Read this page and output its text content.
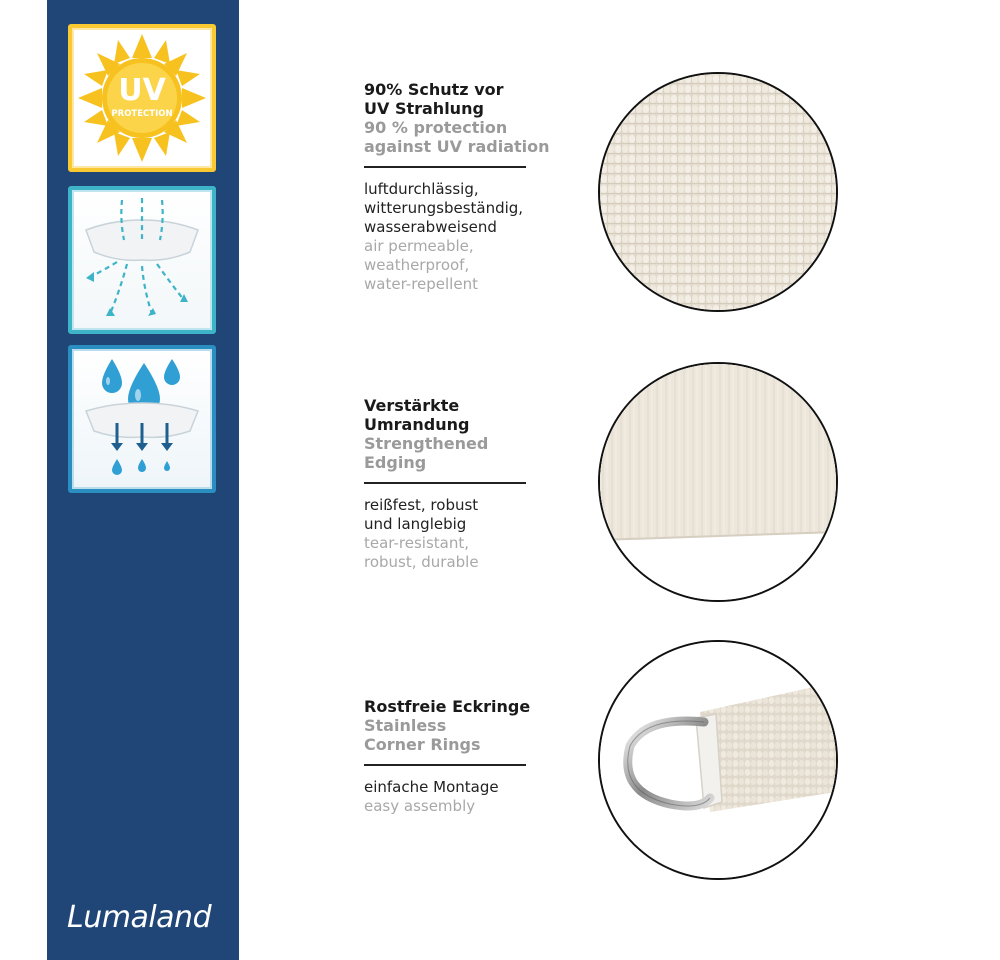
UV
PROTECTION
Lumaland
90% Schutz vor
UV Strahlung
90 % protection
against UV radiation
luftdurchlässig,
witterungsbeständig,
wasserabweisend
air permeable,
weatherproof,
water-repellent
Verstärkte
Umrandung
Strengthened
Edging
reißfest, robust
und langlebig
tear-resistant,
robust, durable
Rostfreie Eckringe
Stainless
Corner Rings
einfache Montage
easy assembly
